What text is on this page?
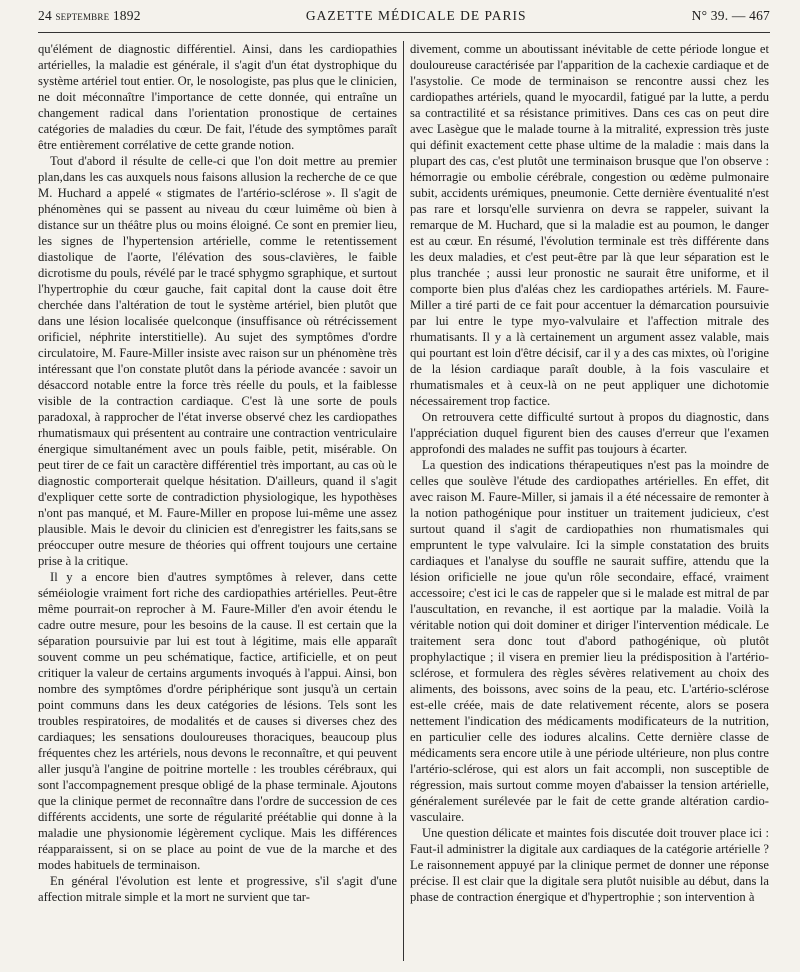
24 septembre 1892	GAZETTE MÉDICALE DE PARIS	N° 39. — 467

qu'élément de diagnostic différentiel. Ainsi, dans les cardiopathies artérielles, la maladie est générale, il s'agit d'un état dystrophique du système artériel tout entier. Or, le nosologiste, pas plus que le clinicien, ne doit méconnaître l'importance de cette donnée, qui entraîne un changement radical dans l'orientation pronostique de certaines catégories de maladies du cœur. De fait, l'étude des symptômes paraît être entièrement corrélative de cette grande notion.

Tout d'abord il résulte de celle-ci que l'on doit mettre au premier plan,dans les cas auxquels nous faisons allusion la recherche de ce que M. Huchard a appelé « stigmates de l'artério-sclérose ». Il s'agit de phénomènes qui se passent au niveau du cœur luimême où bien à distance sur un théâtre plus ou moins éloigné. Ce sont en premier lieu, les signes de l'hypertension artérielle, comme le retentissement diastolique de l'aorte, l'élévation des sous-clavières, le faible dicrotisme du pouls, révélé par le tracé sphygmo sgraphique, et surtout l'hypertrophie du cœur gauche, fait capital dont la cause doit être cherchée dans l'altération de tout le système artériel, bien plutôt que dans une lésion localisée quelconque (insuffisance où rétrécissement orificiel, néphrite interstitielle). Au sujet des symptômes d'ordre circulatoire, M. Faure-Miller insiste avec raison sur un phénomène très intéressant que l'on constate plutôt dans la période avancée : savoir un désaccord notable entre la force très réelle du pouls, et la faiblesse visible de la contraction cardiaque. C'est là une sorte de pouls paradoxal, à rapprocher de l'état inverse observé chez les cardiopathes rhumatismaux qui présentent au contraire une contraction ventriculaire énergique simultanément avec un pouls faible, petit, misérable. On peut tirer de ce fait un caractère différentiel très important, au cas où le diagnostic comporterait quelque hésitation. D'ailleurs, quand il s'agit d'expliquer cette sorte de contradiction physiologique, les hypothèses n'ont pas manqué, et M. Faure-Miller en propose lui-même une assez plausible. Mais le devoir du clinicien est d'enregistrer les faits,sans se préoccuper outre mesure de théories qui offrent toujours une certaine prise à la critique.

Il y a encore bien d'autres symptômes à relever, dans cette séméiologie vraiment fort riche des cardiopathies artérielles. Peut-être même pourrait-on reprocher à M. Faure-Miller d'en avoir étendu le cadre outre mesure, pour les besoins de la cause. Il est certain que la séparation poursuivie par lui est tout à légitime, mais elle apparaît souvent comme un peu schématique, factice, artificielle, et on peut critiquer la valeur de certains arguments invoqués à l'appui. Ainsi, bon nombre des symptômes d'ordre périphérique sont jusqu'à un certain point communs dans les deux catégories de lésions. Tels sont les troubles respiratoires, de modalités et de causes si diverses chez des cardiaques; les sensations douloureuses thoraciques, beaucoup plus fréquentes chez les artériels, nous devons le reconnaître, et qui peuvent aller jusqu'à l'angine de poitrine mortelle : les troubles cérébraux, qui sont l'accompagnement presque obligé de la phase terminale. Ajoutons que la clinique permet de reconnaître dans l'ordre de succession de ces différents accidents, une sorte de régularité préétablie qui donne à la maladie une physionomie légèrement cyclique. Mais les différences réapparaissent, si on se place au point de vue de la marche et des modes habituels de terminaison.

En général l'évolution est lente et progressive, s'il s'agit d'une affection mitrale simple et la mort ne survient que tar-

divement, comme un aboutissant inévitable de cette période longue et douloureuse caractérisée par l'apparition de la cachexie cardiaque et de l'asystolie. Ce mode de terminaison se rencontre aussi chez les cardiopathes artériels, quand le myocardil, fatigué par la lutte, a perdu sa contractilité et sa résistance primitives. Dans ces cas on peut dire avec Lasègue que le malade tourne à la mitralité, expression très juste qui définit exactement cette phase ultime de la maladie : mais dans la plupart des cas, c'est plutôt une terminaison brusque que l'on observe : hémorragie ou embolie cérébrale, congestion ou œdème pulmonaire subit, accidents urémiques, pneumonie. Cette dernière éventualité n'est pas rare et lorsqu'elle survienra on devra se rappeler, suivant la remarque de M. Huchard, que si la maladie est au poumon, le danger est au cœur. En résumé, l'évolution terminale est très différente dans les deux maladies, et c'est peut-être par là que leur séparation est le plus tranchée ; aussi leur pronostic ne saurait être uniforme, et il comporte bien plus d'aléas chez les cardiopathes artériels. M. Faure-Miller a tiré parti de ce fait pour accentuer la démarcation poursuivie par lui entre le type myo-valvulaire et l'affection mitrale des rhumatisants. Il y a là certainement un argument assez valable, mais qui pourtant est loin d'être décisif, car il y a des cas mixtes, où l'origine de la lésion cardiaque paraît double, à la fois vasculaire et rhumatismales et à ceux-là on ne peut appliquer une dichotomie nécessairement trop factice.

On retrouvera cette difficulté surtout à propos du diagnostic, dans l'appréciation duquel figurent bien des causes d'erreur que l'examen approfondi des malades ne suffit pas toujours à écarter.

La question des indications thérapeutiques n'est pas la moindre de celles que soulève l'étude des cardiopathes artérielles. En effet, dit avec raison M. Faure-Miller, si jamais il a été nécessaire de remonter à la notion pathogénique pour instituer un traitement judicieux, c'est surtout quand il s'agit de cardiopathies non rhumatismales qui empruntent le type valvulaire. Ici la simple constatation des bruits cardiaques et l'analyse du souffle ne saurait suffire, attendu que la lésion orificielle ne joue qu'un rôle secondaire, effacé, vraiment accessoire; c'est ici le cas de rappeler que si le malade est mitral de par l'auscultation, en revanche, il est aortique par la maladie. Voilà la véritable notion qui doit dominer et diriger l'intervention médicale. Le traitement sera donc tout d'abord pathogénique, où plutôt prophylactique ; il visera en premier lieu la prédisposition à l'artério-sclérose, et formulera des règles sévères relativement au choix des aliments, des boissons, avec soins de la peau, etc. L'artério-sclérose est-elle créée, mais de date relativement récente, alors se posera nettement l'indication des médicaments modificateurs de la nutrition, en particulier celle des iodures alcalins. Cette dernière classe de médicaments sera encore utile à une période ultérieure, non plus contre l'artério-sclérose, qui est alors un fait accompli, non susceptible de régression, mais surtout comme moyen d'abaisser la tension artérielle, généralement surélevée par le fait de cette grande altération cardio-vasculaire.

Une question délicate et maintes fois discutée doit trouver place ici : Faut-il administrer la digitale aux cardiaques de la catégorie artérielle ? Le raisonnement appuyé par la clinique permet de donner une réponse précise. Il est clair que la digitale sera plutôt nuisible au début, dans la phase de contraction énergique et d'hypertrophie ; son intervention à
